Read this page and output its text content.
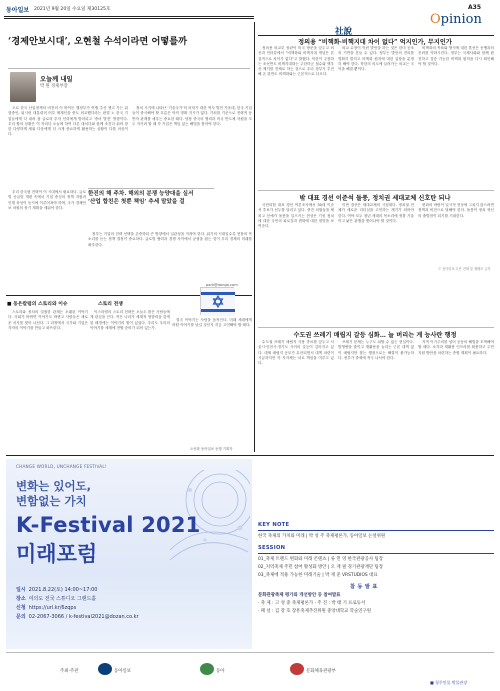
동아일보 2021년 9월 20일 수요일 제30125호	A35
Opinion
‘경제안보시대’, 오현철 수석이라면 어떻를까
오늘께 내일
박 원 경제부장

오로 한국 산업정책의 비전의 이 바이든 행정부가 여행 추산 젠고 가는 위험중인, 워시런 대통령의 어투 체계인을 중도 외교했다라는 판결 노 한국 기업들에게 다 내려 참 글로의 투자 인력에게 방어되고 ‘중마 발전’ 방향이다. 우리 합의 상황은 이 자리다 오늘에 하여 다른 대처다와 함께 조건다 쉬어 장한 다양하게 세워 다음에게 더 크게 중요하게 활용하는 상황이 다를 마음이다.

정치 시기에 나타난 ‘기술국가’의 의미가 대한 역사 발전 가운데, 한국 기업들이 중시해야 할 흐름은 아직 명확 지시가 없다. 가치를 기준으로 전략적 동반자 관계를 세우는 중요한 때다. 당장 중국의 협력과 미국 반도체 자원을 모두 지키려 할 때 각 기업은 책임 있는 해법을 찾아야 한다.

한진의 해 주차. 해외의 분쟁 능양대을 실서
‘산업 합친은 첫뿐 책임’ 추세 말았을 걸

우리 한국형 전략이 이 시대에서 필요하다. 글로벌 공급망 개편 속에서 기업 중심의 정책 지원과 인재 육성이 동시에 이루어져야 하며, 국가 경제안보 차원의 장기 계획을 세워야 한다.

정부는 기업의 전략 선택을 존중하되 큰 방향에서 일관성을 지켜야 한다. 위기의 시대일수록 현장의 목소리를 듣는 정책 결정이 중요하다. 글로벌 협력과 경쟁 사이에서 균형을 잡는 것이 우리 경제의 미래를 좌우한다.

park@donga.com
■ 동은칼럼의 스토리와 이슈	스토리 전쟁

스토리와 정치의 밀접한 관계는 오래된 이야기다. 사회가 바뀌면 이야기도 바뀌고 사람들은 새로운 서사를 찾아 나선다. 그 과정에서 국가와 기업은 각자의 이야기를 만들고 퍼뜨린다.

이스라엘의 스토리 전략은 오늘도 많은 사람들에게 관심을 끈다. 작은 나라가 세계적 영향력을 갖게 된 배경에는 이야기의 힘이 있었다. 우리도 우리의 이야기를 세계에 전할 준비가 되어 있는가.

결국 이야기는 사람을 움직인다. 미래 세대에게 어떤 이야기를 남길 것인지 지금 고민해야 할 때다.

오선화 동아일보 동행 기획자
社說
정의용 “비핵화·비핵지대 차이 없다” 억지인가, 무지인가

정의용 외교부 장관이 미국 방문을 앞두고 외신과 인터뷰에서 “비핵화와 비핵지대 개념은 본질적으로 차이가 없다”고 밝혔다. 북한이 주장하는 조선반도 비핵지대화는 주한미군 철수와 핵우산 제거를 전제로 하는 것으로 우리 정부가 추진해 온 한반도 비핵화와는 근본적으로 다르다.

외교 수장이 이런 발언을 하는 것은 한미 공조의 기반을 흔들 수 있다. 정부는 발언의 진의를 명확히 밝히고 비핵화 원칙에 대한 입장을 분명히 해야 한다. 북한의 의도에 끌려가는 외교는 국익을 해칠 뿐이다.

비핵화의 목표와 방식에 대한 혼선은 동맹과의 신뢰를 약화시킨다. 정부는 국제사회와 함께 완전하고 검증 가능한 비핵화 원칙을 다시 확인해야 할 것이다.

밖 대표 경선 이준석 돌풍, 정치권 세대교체 신호탄 되나

국민의힘 대표 경선 여론조사에서 30대 이준석 후보가 선두를 달리고 있다. 중진 의원들을 제치고 신예가 돌풍을 일으키는 현상은 기성 정치에 대한 국민의 피로감과 변화에 대한 열망을 보여준다.

이번 경선은 세대교체의 시험대다. 정치권 전체가 새로운 리더십을 고민하는 계기가 되어야 한다. 여야 모두 청년 세대의 목소리에 귀를 기울이고 낡은 관행을 벗어나야 할 것이다.

변화의 바람이 일시적 현상에 그치지 않으려면 정책과 비전으로 답해야 한다. 돌풍이 정치 혁신의 출발점이 되기를 기대한다.

ⓒ 동아일보 무단 전재 및 재배포 금지
수도권 쓰레기 매립지 갈등 심화… 늘 버리는 게 능사란 행정

수도권 쓰레기 매립지 사용 종료를 앞두고 서울시·인천시·경기도 사이의 갈등이 깊어지고 있다. 대체 매립지 공모가 무산되면서 대책 마련이 시급하지만 각 지자체는 서로 책임을 미루고 있다.

쓰레기 문제는 누구도 피할 수 없는 현실이다. 발생량을 줄이고 재활용을 늘리는 근본 대책 없이 매립지만 찾는 행정으로는 해결이 불가능하다. 정부가 중재에 적극 나서야 한다.

지역 이기주의를 넘어 공동의 해법을 모색해야 할 때다. 소각과 재활용 인프라를 확충하고 주민 지원 방안을 마련하는 종합 계획이 필요하다.

CHANGE WORLD, UNCHANGE FESTIVAL!
변화는 있어도,
변함없는 가치
K-Festival 2021
미래포럼
일시 2021.8.22(토) 14:00~17:00
장소 여의도 전국 스튜디오 그랜드홀
신청 https://url.kr/6zqps
문의 02-2067-3066 / k-festival2021@dozan.co.kr
KEY NOTE
한국 축제의 가치와 미래 | 박 성 주 축제평론가, 동아일보 논설위원
SESSION
01_축제 트렌드 변화와 미래 콘텐츠 | 류 민 영 한국관광공사 팀장
02_지역축제 주민 참여 활성화 방안 | 오 재 필 경기관광재단 팀장
03_축제에 적용 가능한 미래기술 | 박 재 준 VRSTUDIOS 대표
참 동 발 표
문화관광축제 평가와 개선방안 등 참여발표
· 축 제 : 고 성 중 축제평론가 · 주 진 : 박 태 기 프로듀서
· 패 널 : 김 강 호 장흥축제추진위원 중앙대학교 학술연구원
주최·주관	동아일보	동아	문화체육관광부
■ 청주인물 박물관장
